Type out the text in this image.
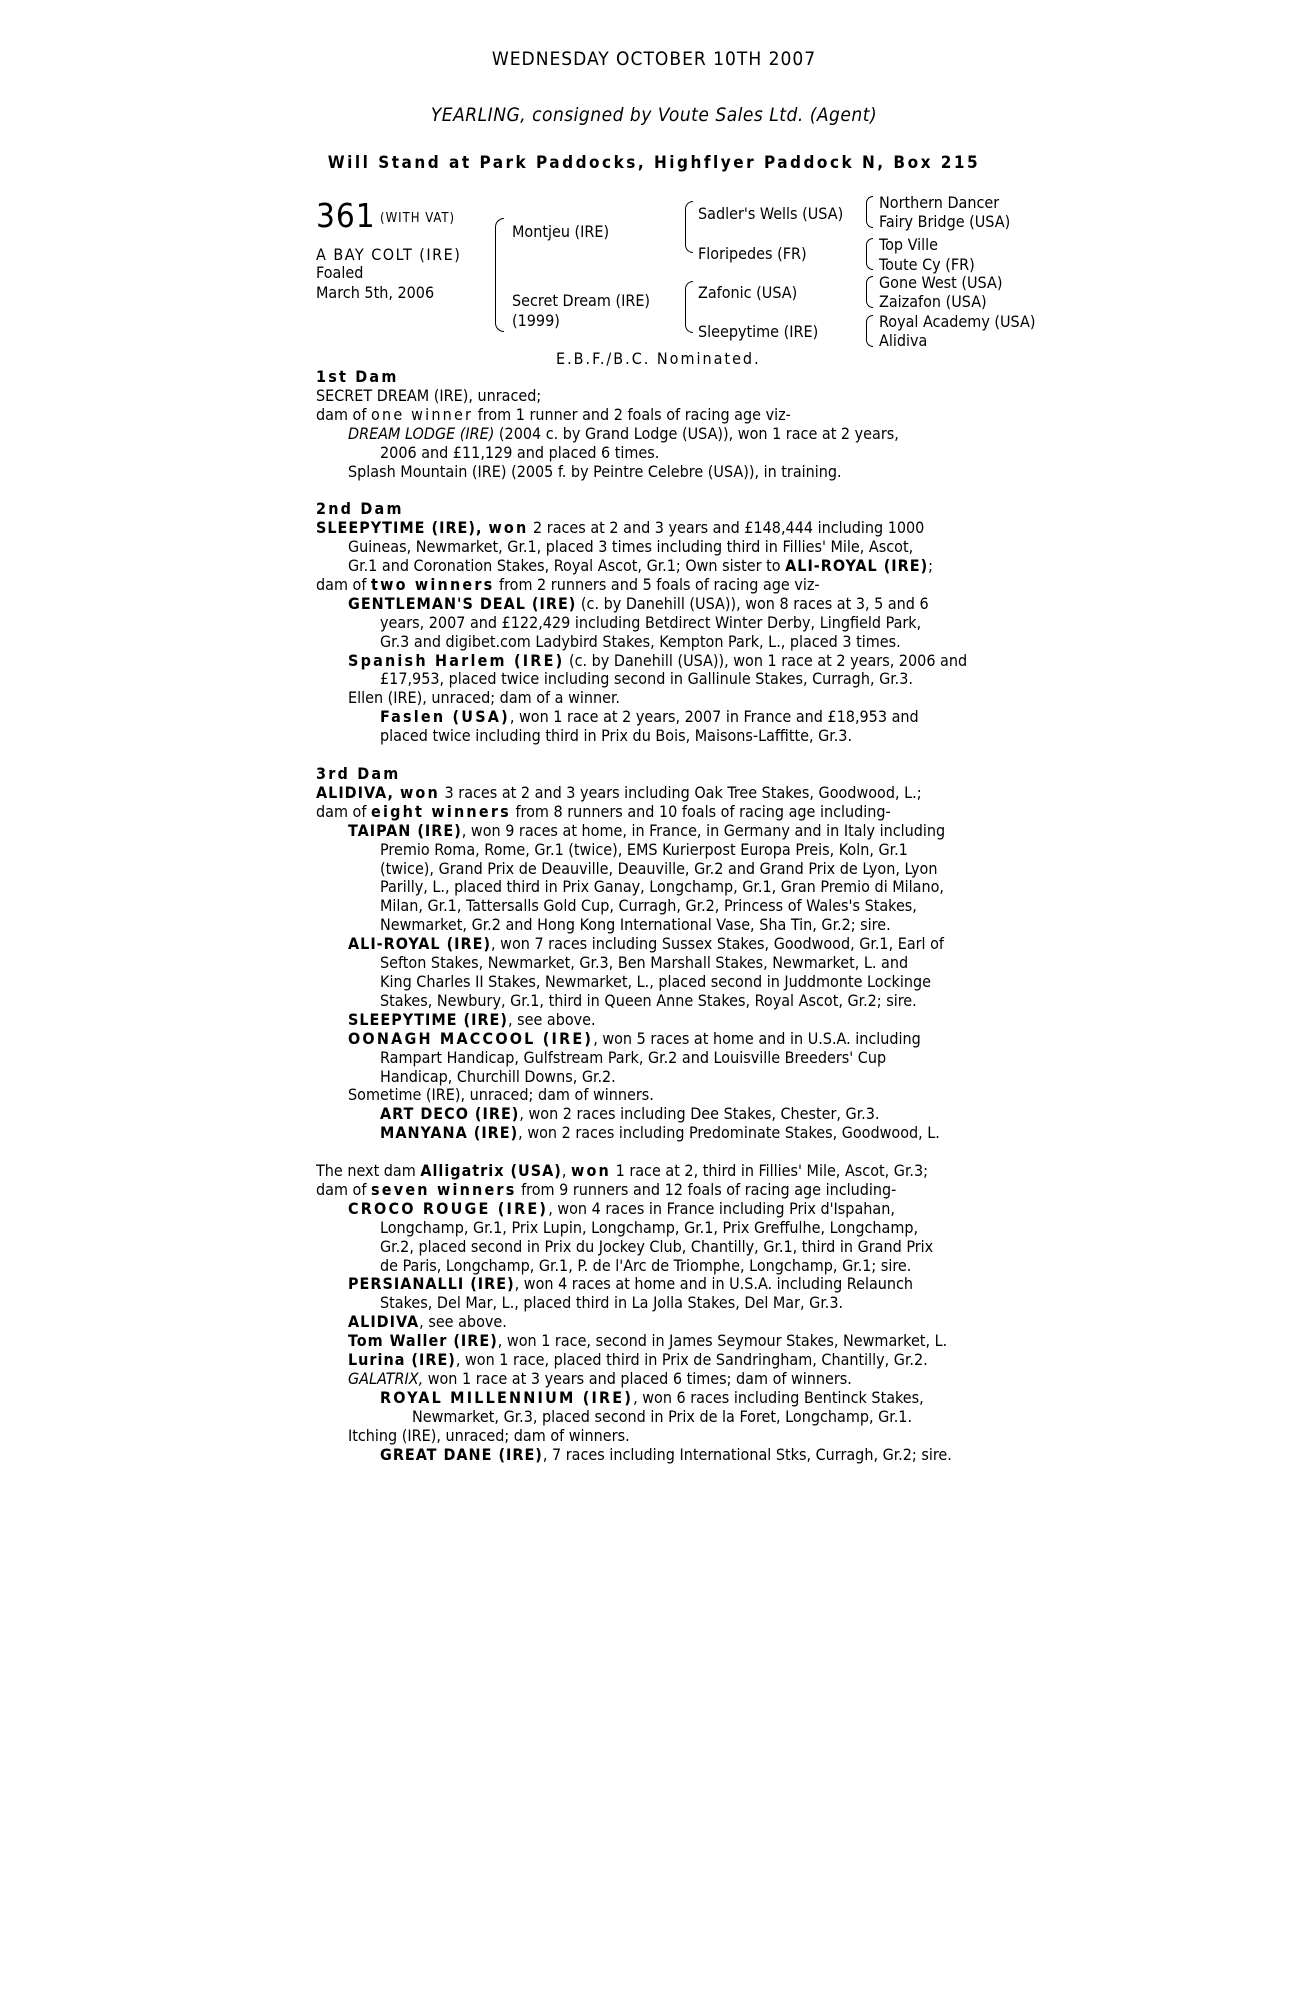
WEDNESDAY OCTOBER 10TH 2007
YEARLING, consigned by Voute Sales Ltd. (Agent)
Will Stand at Park Paddocks, Highflyer Paddock N, Box 215
361 (WITH VAT)
A BAY COLT (IRE)
Foaled
March 5th, 2006
Montjeu (IRE)
Secret Dream (IRE)
(1999)
Sadler's Wells (USA)
Floripedes (FR)
Zafonic (USA)
Sleepytime (IRE)
Northern Dancer
Fairy Bridge (USA)
Top Ville
Toute Cy (FR)
Gone West (USA)
Zaizafon (USA)
Royal Academy (USA)
Alidiva
E.B.F./B.C. Nominated.
1st Dam
SECRET DREAM (IRE), unraced;
dam of one winner from 1 runner and 2 foals of racing age viz-
DREAM LODGE (IRE) (2004 c. by Grand Lodge (USA)), won 1 race at 2 years,
2006 and £11,129 and placed 6 times.
Splash Mountain (IRE) (2005 f. by Peintre Celebre (USA)), in training.
2nd Dam
SLEEPYTIME (IRE), won 2 races at 2 and 3 years and £148,444 including 1000
Guineas, Newmarket, Gr.1, placed 3 times including third in Fillies' Mile, Ascot,
Gr.1 and Coronation Stakes, Royal Ascot, Gr.1; Own sister to ALI-ROYAL (IRE);
dam of two winners from 2 runners and 5 foals of racing age viz-
GENTLEMAN'S DEAL (IRE) (c. by Danehill (USA)), won 8 races at 3, 5 and 6
years, 2007 and £122,429 including Betdirect Winter Derby, Lingfield Park,
Gr.3 and digibet.com Ladybird Stakes, Kempton Park, L., placed 3 times.
Spanish Harlem (IRE) (c. by Danehill (USA)), won 1 race at 2 years, 2006 and
£17,953, placed twice including second in Gallinule Stakes, Curragh, Gr.3.
Ellen (IRE), unraced; dam of a winner.
Faslen (USA), won 1 race at 2 years, 2007 in France and £18,953 and
placed twice including third in Prix du Bois, Maisons-Laffitte, Gr.3.
3rd Dam
ALIDIVA, won 3 races at 2 and 3 years including Oak Tree Stakes, Goodwood, L.;
dam of eight winners from 8 runners and 10 foals of racing age including-
TAIPAN (IRE), won 9 races at home, in France, in Germany and in Italy including
Premio Roma, Rome, Gr.1 (twice), EMS Kurierpost Europa Preis, Koln, Gr.1
(twice), Grand Prix de Deauville, Deauville, Gr.2 and Grand Prix de Lyon, Lyon
Parilly, L., placed third in Prix Ganay, Longchamp, Gr.1, Gran Premio di Milano,
Milan, Gr.1, Tattersalls Gold Cup, Curragh, Gr.2, Princess of Wales's Stakes,
Newmarket, Gr.2 and Hong Kong International Vase, Sha Tin, Gr.2; sire.
ALI-ROYAL (IRE), won 7 races including Sussex Stakes, Goodwood, Gr.1, Earl of
Sefton Stakes, Newmarket, Gr.3, Ben Marshall Stakes, Newmarket, L. and
King Charles II Stakes, Newmarket, L., placed second in Juddmonte Lockinge
Stakes, Newbury, Gr.1, third in Queen Anne Stakes, Royal Ascot, Gr.2; sire.
SLEEPYTIME (IRE), see above.
OONAGH MACCOOL (IRE), won 5 races at home and in U.S.A. including
Rampart Handicap, Gulfstream Park, Gr.2 and Louisville Breeders' Cup
Handicap, Churchill Downs, Gr.2.
Sometime (IRE), unraced; dam of winners.
ART DECO (IRE), won 2 races including Dee Stakes, Chester, Gr.3.
MANYANA (IRE), won 2 races including Predominate Stakes, Goodwood, L.
The next dam Alligatrix (USA), won 1 race at 2, third in Fillies' Mile, Ascot, Gr.3;
dam of seven winners from 9 runners and 12 foals of racing age including-
CROCO ROUGE (IRE), won 4 races in France including Prix d'Ispahan,
Longchamp, Gr.1, Prix Lupin, Longchamp, Gr.1, Prix Greffulhe, Longchamp,
Gr.2, placed second in Prix du Jockey Club, Chantilly, Gr.1, third in Grand Prix
de Paris, Longchamp, Gr.1, P. de l'Arc de Triomphe, Longchamp, Gr.1; sire.
PERSIANALLI (IRE), won 4 races at home and in U.S.A. including Relaunch
Stakes, Del Mar, L., placed third in La Jolla Stakes, Del Mar, Gr.3.
ALIDIVA, see above.
Tom Waller (IRE), won 1 race, second in James Seymour Stakes, Newmarket, L.
Lurina (IRE), won 1 race, placed third in Prix de Sandringham, Chantilly, Gr.2.
GALATRIX, won 1 race at 3 years and placed 6 times; dam of winners.
ROYAL MILLENNIUM (IRE), won 6 races including Bentinck Stakes,
Newmarket, Gr.3, placed second in Prix de la Foret, Longchamp, Gr.1.
Itching (IRE), unraced; dam of winners.
GREAT DANE (IRE), 7 races including International Stks, Curragh, Gr.2; sire.
